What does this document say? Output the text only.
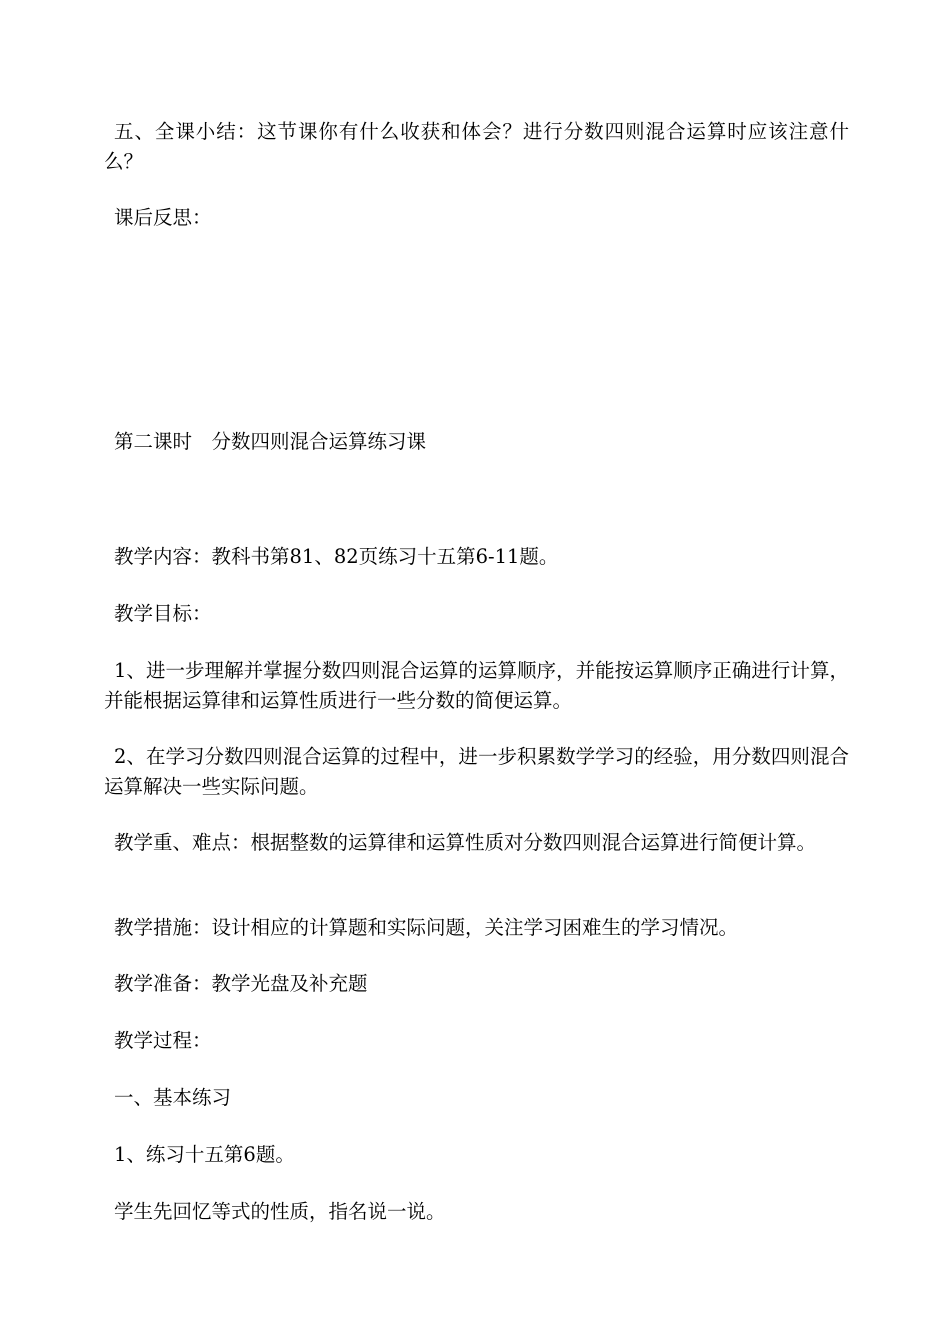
五、全课小结：这节课你有什么收获和体会？进行分数四则混合运算时应该注意什么？

课后反思：

第二课时　分数四则混合运算练习课

教学内容：教科书第81、82页练习十五第6-11题。

教学目标：

1、进一步理解并掌握分数四则混合运算的运算顺序，并能按运算顺序正确进行计算，并能根据运算律和运算性质进行一些分数的简便运算。

2、在学习分数四则混合运算的过程中，进一步积累数学学习的经验，用分数四则混合运算解决一些实际问题。

教学重、难点：根据整数的运算律和运算性质对分数四则混合运算进行简便计算。

教学措施：设计相应的计算题和实际问题，关注学习困难生的学习情况。

教学准备：教学光盘及补充题

教学过程：

一、基本练习

1、练习十五第6题。

学生先回忆等式的性质，指名说一说。
